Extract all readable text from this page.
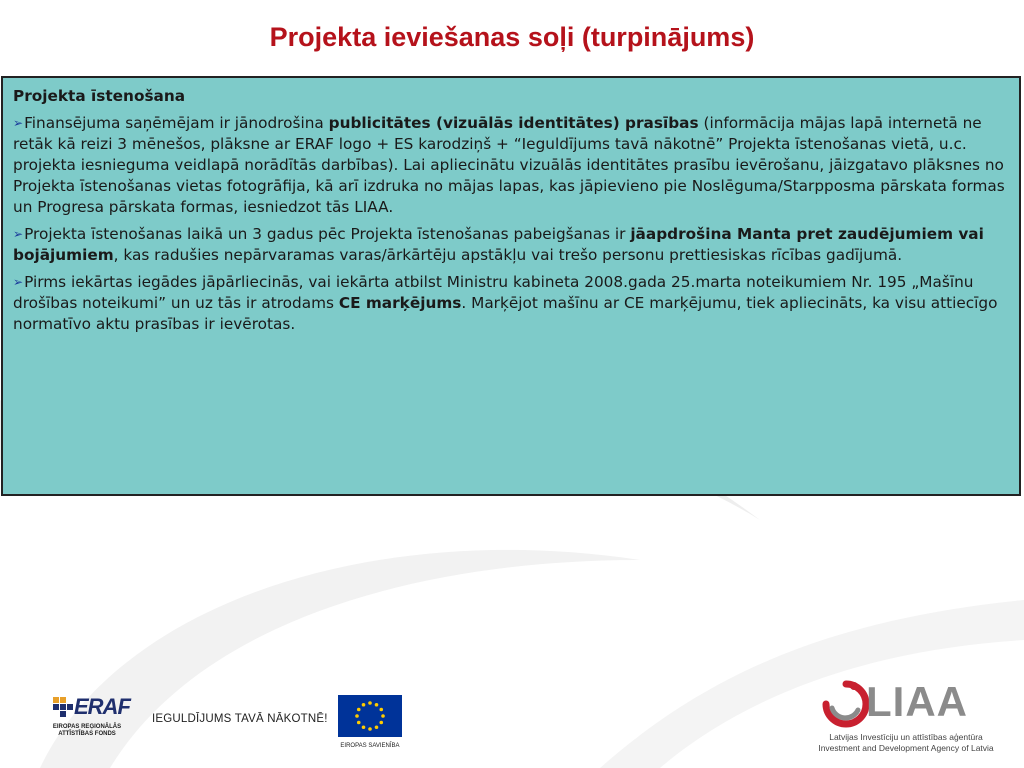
Projekta ieviešanas soļi (turpinājums)
Projekta īstenošana
➢Finansējuma saņēmējam ir jānodrošina publicitātes (vizuālās identitātes) prasības (informācija mājas lapā internetā ne retāk kā reizi 3 mēnešos, plāksne ar ERAF logo + ES karodziņš + “Ieguldījums tavā nākotnē” Projekta īstenošanas vietā, u.c. projekta iesnieguma veidlapā norādītās darbības). Lai apliecinātu vizuālās identitātes prasību ievērošanu, jāizgatavo plāksnes no Projekta īstenošanas vietas fotogrāfija, kā arī izdruka no mājas lapas, kas jāpievieno pie Noslēguma/Starpposma pārskata formas un Progresa pārskata formas, iesniedzot tās LIAA.
➢Projekta īstenošanas laikā un 3 gadus pēc Projekta īstenošanas pabeigšanas ir jāapdrošina Manta pret zaudējumiem vai bojājumiem, kas radušies nepārvaramas varas/ārkārtēju apstākļu vai trešo personu prettiesiskas rīcības gadījumā.
➢Pirms iekārtas iegādes jāpārliecinās, vai iekārta atbilst Ministru kabineta 2008.gada 25.marta noteikumiem Nr. 195 „Mašīnu drošības noteikumi” un uz tās ir atrodams CE marķējums. Marķējot mašīnu ar CE marķējumu, tiek apliecināts, ka visu attiecīgo normatīvo aktu prasības ir ievērotas.
ERAF
EIROPAS REĢIONĀLĀS ATTĪSTĪBAS FONDS
IEGULDĪJUMS TAVĀ NĀKOTNĒ!
EIROPAS SAVIENĪBA
LIAA
Latvijas Investīciju un attīstības aģentūra
Investment and Development Agency of Latvia
